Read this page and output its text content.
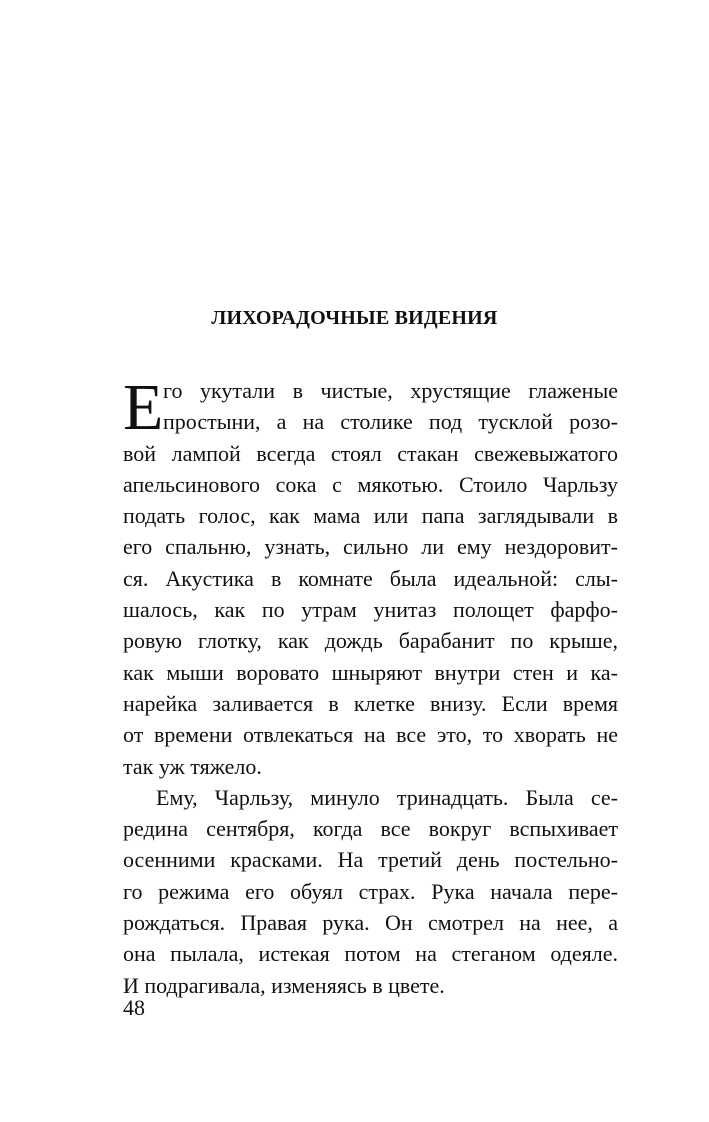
ЛИХОРАДОЧНЫЕ ВИДЕНИЯ
Е го укутали в чистые, хрустящие глаженые
простыни, а на столике под тусклой розо-
вой лампой всегда стоял стакан свежевыжатого
апельсинового сока с мякотью. Стоило Чарльзу
подать голос, как мама или папа заглядывали в
его спальню, узнать, сильно ли ему нездоровит-
ся. Акустика в комнате была идеальной: слы-
шалось, как по утрам унитаз полощет фарфо-
ровую глотку, как дождь барабанит по крыше,
как мыши воровато шныряют внутри стен и ка-
нарейка заливается в клетке внизу. Если время
от времени отвлекаться на все это, то хворать не
так уж тяжело.
Ему, Чарльзу, минуло тринадцать. Была се-
редина сентября, когда все вокруг вспыхивает
осенними красками. На третий день постельно-
го режима его обуял страх. Рука начала пере-
рождаться. Правая рука. Он смотрел на нее, а
она пылала, истекая потом на стеганом одеяле.
И подрагивала, изменяясь в цвете.

48
